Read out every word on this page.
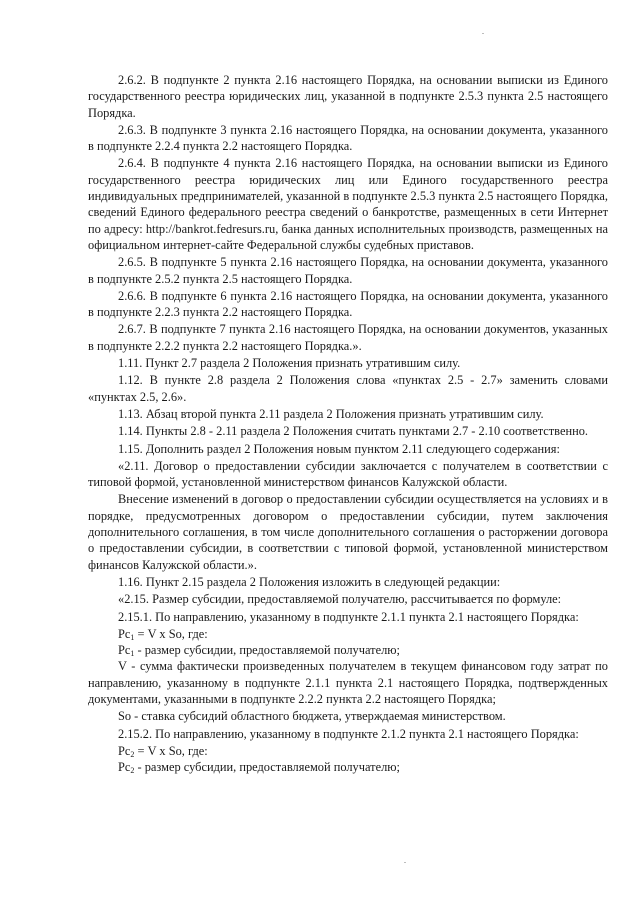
2.6.2. В подпункте 2 пункта 2.16 настоящего Порядка, на основании выписки из Единого государственного реестра юридических лиц, указанной в подпункте 2.5.3 пункта 2.5 настоящего Порядка.

2.6.3. В подпункте 3 пункта 2.16 настоящего Порядка, на основании документа, указанного в подпункте 2.2.4 пункта 2.2 настоящего Порядка.

2.6.4. В подпункте 4 пункта 2.16 настоящего Порядка, на основании выписки из Единого государственного реестра юридических лиц или Единого государственного реестра индивидуальных предпринимателей, указанной в подпункте 2.5.3 пункта 2.5 настоящего Порядка, сведений Единого федерального реестра сведений о банкротстве, размещенных в сети Интернет по адресу: http://bankrot.fedresurs.ru, банка данных исполнительных производств, размещенных на официальном интернет-сайте Федеральной службы судебных приставов.

2.6.5. В подпункте 5 пункта 2.16 настоящего Порядка, на основании документа, указанного в подпункте 2.5.2 пункта 2.5 настоящего Порядка.

2.6.6. В подпункте 6 пункта 2.16 настоящего Порядка, на основании документа, указанного в подпункте 2.2.3 пункта 2.2 настоящего Порядка.

2.6.7. В подпункте 7 пункта 2.16 настоящего Порядка, на основании документов, указанных в подпункте 2.2.2 пункта 2.2 настоящего Порядка.».

1.11. Пункт 2.7 раздела 2 Положения признать утратившим силу.

1.12. В пункте 2.8 раздела 2 Положения слова «пунктах 2.5 - 2.7» заменить словами «пунктах 2.5, 2.6».

1.13. Абзац второй пункта 2.11 раздела 2 Положения признать утратившим силу.

1.14. Пункты 2.8 - 2.11 раздела 2 Положения считать пунктами 2.7 - 2.10 соответственно.

1.15. Дополнить раздел 2 Положения новым пунктом 2.11 следующего содержания:

«2.11. Договор о предоставлении субсидии заключается с получателем в соответствии с типовой формой, установленной министерством финансов Калужской области.

Внесение изменений в договор о предоставлении субсидии осуществляется на условиях и в порядке, предусмотренных договором о предоставлении субсидии, путем заключения дополнительного соглашения, в том числе дополнительного соглашения о расторжении договора о предоставлении субсидии, в соответствии с типовой формой, установленной министерством финансов Калужской области.».

1.16. Пункт 2.15 раздела 2 Положения изложить в следующей редакции:

«2.15. Размер субсидии, предоставляемой получателю, рассчитывается по формуле:

2.15.1. По направлению, указанному в подпункте 2.1.1 пункта 2.1 настоящего Порядка:

$Рс_1 = V$ x So, где:

$Рс_1$ - размер субсидии, предоставляемой получателю;

V - сумма фактически произведенных получателем в текущем финансовом году затрат по направлению, указанному в подпункте 2.1.1 пункта 2.1 настоящего Порядка, подтвержденных документами, указанными в подпункте 2.2.2 пункта 2.2 настоящего Порядка;

So - ставка субсидий областного бюджета, утверждаемая министерством.

2.15.2. По направлению, указанному в подпункте 2.1.2 пункта 2.1 настоящего Порядка:

$Рс_2 = V$ x So, где:

$Рс_2$ - размер субсидии, предоставляемой получателю;
